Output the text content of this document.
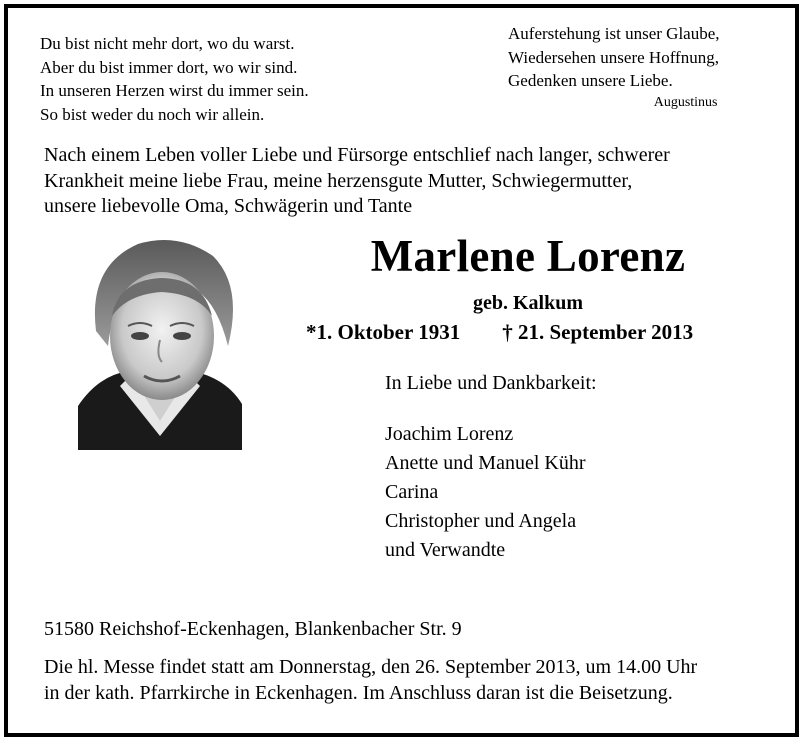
Du bist nicht mehr dort, wo du warst.
Aber du bist immer dort, wo wir sind.
In unseren Herzen wirst du immer sein.
So bist weder du noch wir allein.
Auferstehung ist unser Glaube,
Wiedersehen unsere Hoffnung,
Gedenken unsere Liebe.
Augustinus
Nach einem Leben voller Liebe und Fürsorge entschlief nach langer, schwerer
Krankheit meine liebe Frau, meine herzensgute Mutter, Schwiegermutter,
unsere liebevolle Oma, Schwägerin und Tante
Marlene Lorenz
geb. Kalkum
*1. Oktober 1931 † 21. September 2013
In Liebe und Dankbarkeit:
Joachim Lorenz
Anette und Manuel Kühr
Carina
Christopher und Angela
und Verwandte
51580 Reichshof-Eckenhagen, Blankenbacher Str. 9
Die hl. Messe findet statt am Donnerstag, den 26. September 2013, um 14.00 Uhr
in der kath. Pfarrkirche in Eckenhagen. Im Anschluss daran ist die Beisetzung.
